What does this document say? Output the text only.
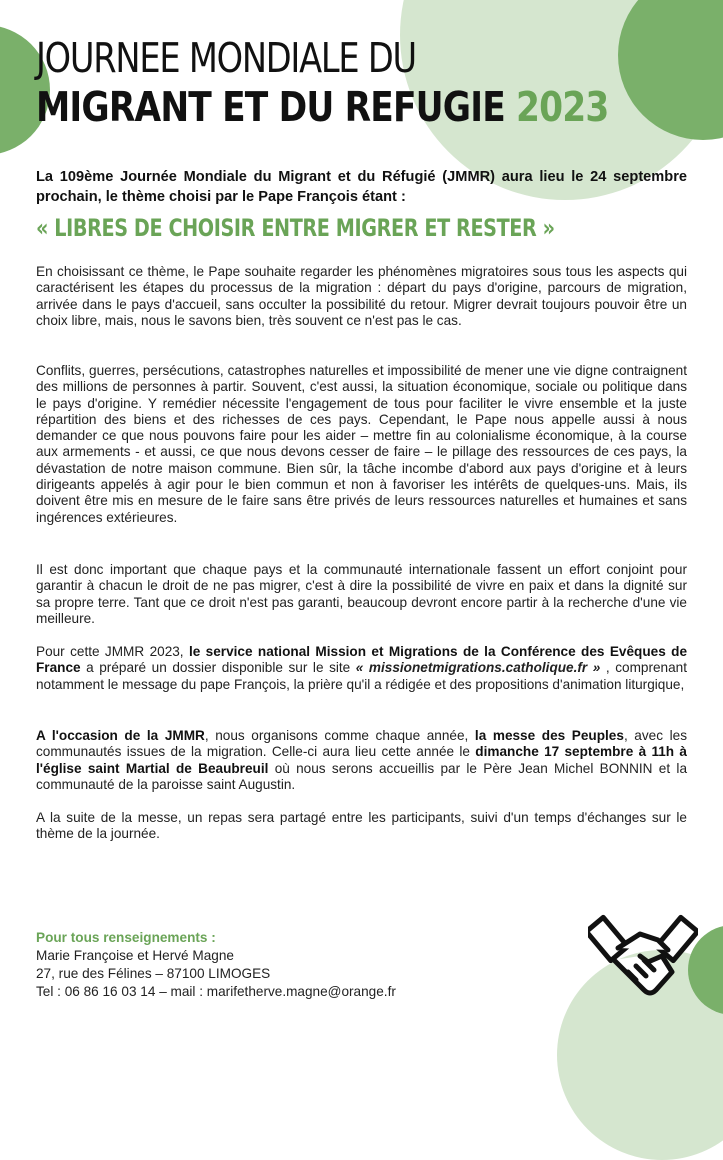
JOURNEE MONDIALE DU
MIGRANT ET DU REFUGIE 2023
La 109ème Journée Mondiale du Migrant et du Réfugié (JMMR) aura lieu le 24 septembre prochain, le thème choisi par le Pape François étant :
« LIBRES DE CHOISIR ENTRE MIGRER ET RESTER »
En choisissant ce thème, le Pape souhaite regarder les phénomènes migratoires sous tous les aspects qui caractérisent les étapes du processus de la migration : départ du pays d'origine, parcours de migration, arrivée dans le pays d'accueil, sans occulter la possibilité du retour. Migrer devrait toujours pouvoir être un choix libre, mais, nous le savons bien, très souvent ce n'est pas le cas.
Conflits, guerres, persécutions, catastrophes naturelles et impossibilité de mener une vie digne contraignent des millions de personnes à partir. Souvent, c'est aussi, la situation économique, sociale ou politique dans le pays d'origine. Y remédier nécessite l'engagement de tous pour faciliter le vivre ensemble et la juste répartition des biens et des richesses de ces pays. Cependant, le Pape nous appelle aussi à nous demander ce que nous pouvons faire pour les aider – mettre fin au colonialisme économique, à la course aux armements - et aussi, ce que nous devons cesser de faire – le pillage des ressources de ces pays, la dévastation de notre maison commune. Bien sûr, la tâche incombe d'abord aux pays d'origine et à leurs dirigeants appelés à agir pour le bien commun et non à favoriser les intérêts de quelques-uns. Mais, ils doivent être mis en mesure de le faire sans être privés de leurs ressources naturelles et humaines et sans ingérences extérieures.
Il est donc important que chaque pays et la communauté internationale fassent un effort conjoint pour garantir à chacun le droit de ne pas migrer, c'est à dire la possibilité de vivre en paix et dans la dignité sur sa propre terre. Tant que ce droit n'est pas garanti, beaucoup devront encore partir à la recherche d'une vie meilleure.
Pour cette JMMR 2023, le service national Mission et Migrations de la Conférence des Evêques de France a préparé un dossier disponible sur le site « missionetmigrations.catholique.fr » , comprenant notamment le message du pape François, la prière qu'il a rédigée et des propositions d'animation liturgique,
A l'occasion de la JMMR, nous organisons comme chaque année, la messe des Peuples, avec les communautés issues de la migration. Celle-ci aura lieu cette année le dimanche 17 septembre à 11h à l'église saint Martial de Beaubreuil où nous serons accueillis par le Père Jean Michel BONNIN et la communauté de la paroisse saint Augustin.
A la suite de la messe, un repas sera partagé entre les participants, suivi d'un temps d'échanges sur le thème de la journée.
Pour tous renseignements :
Marie Françoise et Hervé Magne
27, rue des Félines – 87100 LIMOGES
Tel : 06 86 16 03 14 – mail : marifetherve.magne@orange.fr
